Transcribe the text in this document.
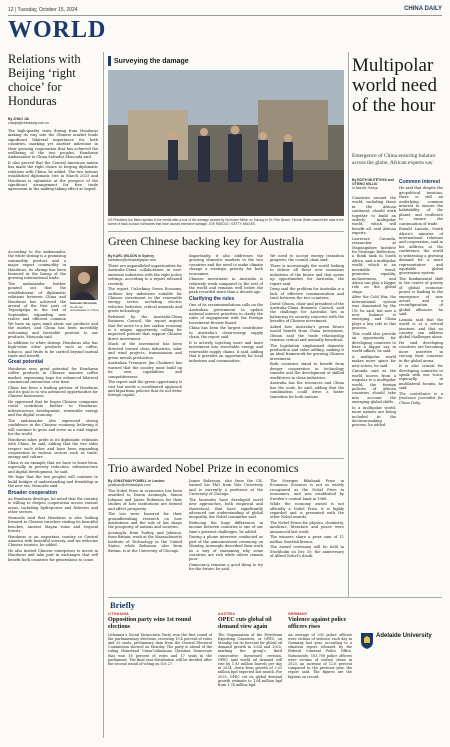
12 | Tuesday, October 15, 2024	CHINA DAILY
WORLD
Relations with Beijing ‘right choice’ for Honduras
By ZHAO JIA
zhaojia@chinadaily.com.cn

The high-quality visits during from Honduras making its way into the Chinese market lends significant bilateral importance for both countries, marking yet another milestone in their growing cooperation that has achieved the wellbeing of the two peoples, Honduran Ambassador to China Salvador Moncada said.

It also proved that the Central American nation has made the right choice to forging diplomatic relations with China, he added. The two nations established diplomatic ties in March 2023 and Honduras is optimistic at the prospect of the significant arrangement for free trade agreement in the making taking effect as hoped.

According to the ambassador, the white shrimp is a promising commodity product and a major export commodity in Honduras, its shrimp has been featured in the lineup of the growing international trade.

The ambassador further pointed out that the establishment of diplomatic relations between China and Honduras has achieved the arrival of the first part of Tegucigalpa in the end of September, expanding new routes and efficient common

Salvador Moncada
Honduran ambassador to China

We have an open mind about our products and the market, and China has been incredibly welcoming and favorable position to our products, Moncada said.

In addition to white shrimp, Honduras also has high-value other products such as coffee, tobacco, and fruits to be carried beyond mutual trade and benefit.

Great potential

Honduras sees great potential for Honduran coffee products in Chinese massive coffee market, expressing hope for enhanced bilateral commercial interaction over time.

China has been a trading partner of Honduras and its goal is to win advanced opportunities for Chinese businesses.

He expressed that he hopes Chinese companies could contribute further to Honduras’ infrastructure development, renewable energy and the digital economy.

The ambassador also expressed strong confidence in the Chinese economy, believing it will continue to grow and serve as a vital engine for the world.

Honduras takes pride in its diplomatic relations with China, he said, adding that the two sides respect each other and have been expanding cooperation in various sectors such as trade, energy and culture.

China is an example that we have to learn from, especially in poverty reduction, infrastructure and digital development, he said.

We hope that the two peoples will continue to build bridges of understanding and friendship in the new era, Moncada said.

Broader cooperation

As Honduras develops, he noted that the country is willing to deepen cooperation across various areas, including hydropower and fisheries and other sectors.

Moncada said that Honduras is also looking forward to Chinese travelers visiting its beautiful beaches, ancient Mayan ruins and tropical forests.

Honduras is an important country in Central America with beautiful scenery, and we welcome Chinese tourists, he added.

He also invited Chinese enterprises to invest in Honduras and take part in exchanges that will benefit both countries for generations to come.

Surveying the damage
US President Joe Biden speaks to the media after a tour of the damage caused by Hurricane Milton on Sunday in St. Pete Beach, Florida. Biden warned the area is the scene of back-to-back hurricanes that have caused extensive damage. JOE RAEDLE / GETTY IMAGES
Green Chinese backing key for Australia
By KARL WILSON in Sydney
karlwilson@chinadailyapac.com

There are unparalleled opportunities for Australia-China collaboration in new-emission industries with the right policy settings, according to a report released recently.

The report, Unlocking Green Economy, outlines key industries suitable for Chinese investment in the renewable energy sector, including electric vehicles, batteries, critical minerals and green technology.

Released by the Australia-China Business Council, the report argued that the move to a low carbon economy is a unique opportunity, calling for improved policies that support Chinese direct investment.

Much of the investment has been directed toward clean industries, solar and wind projects, transmission and green metals production.

Australian Treasurer Jim Chalmers has warned that the country must build up its own capabilities and competitiveness.

The report said the green opportunity is vast but needs a coordinated approach and bipartisan policies that do not deter foreign capital.

Importantly, it also addresses the growing domestic markets in the two countries and the need to make climate change a strategic priority for both economies.

Chinese investment in Australia is relatively weak compared to the rest of the world and remains well below the peak recorded more than a decade ago.

Clarifying the rules

One of its recommendations calls on the Australian government to update national interest priorities to clarify the rules of engagement with the Foreign Investment Review Board.

China has been the largest contributor to Australia’s clean-energy supply chain, the report said.

It is actively injecting more and more investment into renewable energy and renewable supply chains, it said, adding that it provides an opportunity for local industries and communities.

We need to accept energy transition progress, the council chair said.

There is increasingly the world looking to deliver all these new emissions industries of the future and that opens up opportunities for Australia, the report said.

Deng said the problem for Australia is a lack of effective communication and trust between the two countries.

David Olsson, chair and president of the Australia-China Business Council, said the challenge for Australia lies in balancing its security concerns with the benefits of Chinese investment.

Asked how Australia’s green future would benefit from China investment, Olsson said the trade relationship remains critical and mutually beneficial.

The legislation emphasised domestic production and value adding, making it an ideal framework for growing Chinese investment.

Both countries stand to benefit from deeper cooperation in technology transfer and the development of skilled workforces in clean industries.

Australia has the resources and China has the scale, he said, adding that the combination could drive a faster transition for both nations.

Trio awarded Nobel Prize in economics
By JONATHAN POWELL in London
jonathan@chinadailyuk.com

The Nobel Prize in economics has been awarded to Daron Acemoglu, Simon Johnson and James Robinson for their studies of how institutions are formed and affect prosperity.

The trio were honored for their groundbreaking research on how institutions and the rule of law shape the prosperity of nations and societies.

Acemoglu, from Turkey, and Johnson, from Britain, work at the Massachusetts Institute of Technology in the United States, while Robinson, also from Britain, is at the University of Chicago.

James Robinson, also from the UK, earned his PhD from Yale University and is currently a professor at the University of Chicago.

The laureates have developed novel new approaches, both empirical and theoretical, that have significantly advanced our understanding of global inequality, the Nobel committee said.

Reducing the huge differences in income between countries is one of our time’s greatest challenges, he added.

During a phone interview conducted as part of the announcement ceremony on Monday, Acemoglu described their work as a way of examining why some countries are rich while others remain poor.

Democracy remains a good thing to try for the future, he said.

The Sveriges Riksbank Prize in Economic Sciences is not as widely recognized as the Nobel Prize in economics, and was established by Sweden’s central bank in 1968.

While the economy award is not officially a Nobel Prize, it is highly regarded and is presented with the other Nobel awards.

The Nobel Prizes for physics, chemistry, medicine, literature and peace were announced last week.

The winners share a prize sum of 11 million Swedish kronor.

The award ceremony will be held in Stockholm on Dec 10, the anniversary of Alfred Nobel’s death.

Multipolar world need of the hour
Emergence of China ensuring balance across the globe, African experts say
By EDITH MUTETHYA and OTIENO MILLIO
in Nairobi, Kenya

Countries around the world, including those in the African continent, should work together to build an orderly multipolar world, which will benefit all, said African experts.

Lawrence Caronda, researcher at Mapungubwe Institute for Strategic Reflection, a think tank in South Africa, said a multipolar world, which is an inevitable trend, promotes equality, inclusiveness, and Africa can play a bigger role on the global stage.

After the Cold War, the international system was dominated by the US, he said, but now a new balance is emerging, and China plays a key role in this process.

This could also provide an opportunity for developing countries to have a bigger say in world affairs, he said.

A multipolar world makes more space for new actors, he said.

Caronda said as the world moves from a unipolar to a multipolar world, the foreign policies of African countries should take into account the emerging global shifts.

In a multipolar world, more nations are being included in the decision-making process, he added.

Common interest

He said that despite the geopolitical tensions, there is still an underlying common interest to ensure the habitability of the planet, and resilience to ensure the continuation of trade.

Ronald Lamola, South Africa’s minister of international relations and cooperation, said in his address at the conference, the world is witnessing a growing demand for a more representative and equitable global governance system.

The fundamental shift in the center of gravity of global economic power is leading to the emergence of new actors and a reconfiguration of global alliances, he said.

Lamola said that the world is at a critical juncture, and that no country can address global challenges alone.

He said developing countries are becoming more assertive in voicing their concerns in the global arena.

It is also crucial for developing countries to speak with one voice, especially in multilateral forums, he said.

The contributor is a freelance journalist for China Daily.

Briefly
LITHUANIA
Opposition party wins 1st round elections
Lithuania’s Social Democratic Party won the first round of the parliamentary elections, receiving 19.4 percent of votes and 20 seats, preliminary data from the Central Electoral Commission showed on Monday. The party is ahead of the ruling Homeland Union-Lithuanian Christian Democrats that won 18 percent of votes and 17 seats in the parliament. The final seat distribution will be decided after the second round of voting on Oct 27.
AUSTRIA
OPEC cuts global oil demand view again
The Organization of the Petroleum Exporting Countries, or OPEC, on Monday cut its forecast for global oil demand growth in 2024 and 2025, marking the group’s third consecutive downward revision. OPEC said world oil demand will rise by 1.93 million barrels per day in 2024, down from growth of 2.03 million bpd expected last month. For 2025, OPEC cut its global demand growth estimate to 1.64 million bpd from 1.74 million bpd.
GERMANY
Violence against police officers rises
An average of 290 police officers were victims of violence each day in Germany last year, according to a situation report released by the Federal Criminal Police Office. Nationwide, 105,708 police officers were victims of violent crime in 2023, an increase of 12.6 percent compared to the previous year, the report said. The figures are the highest on record.
Adelaide University
